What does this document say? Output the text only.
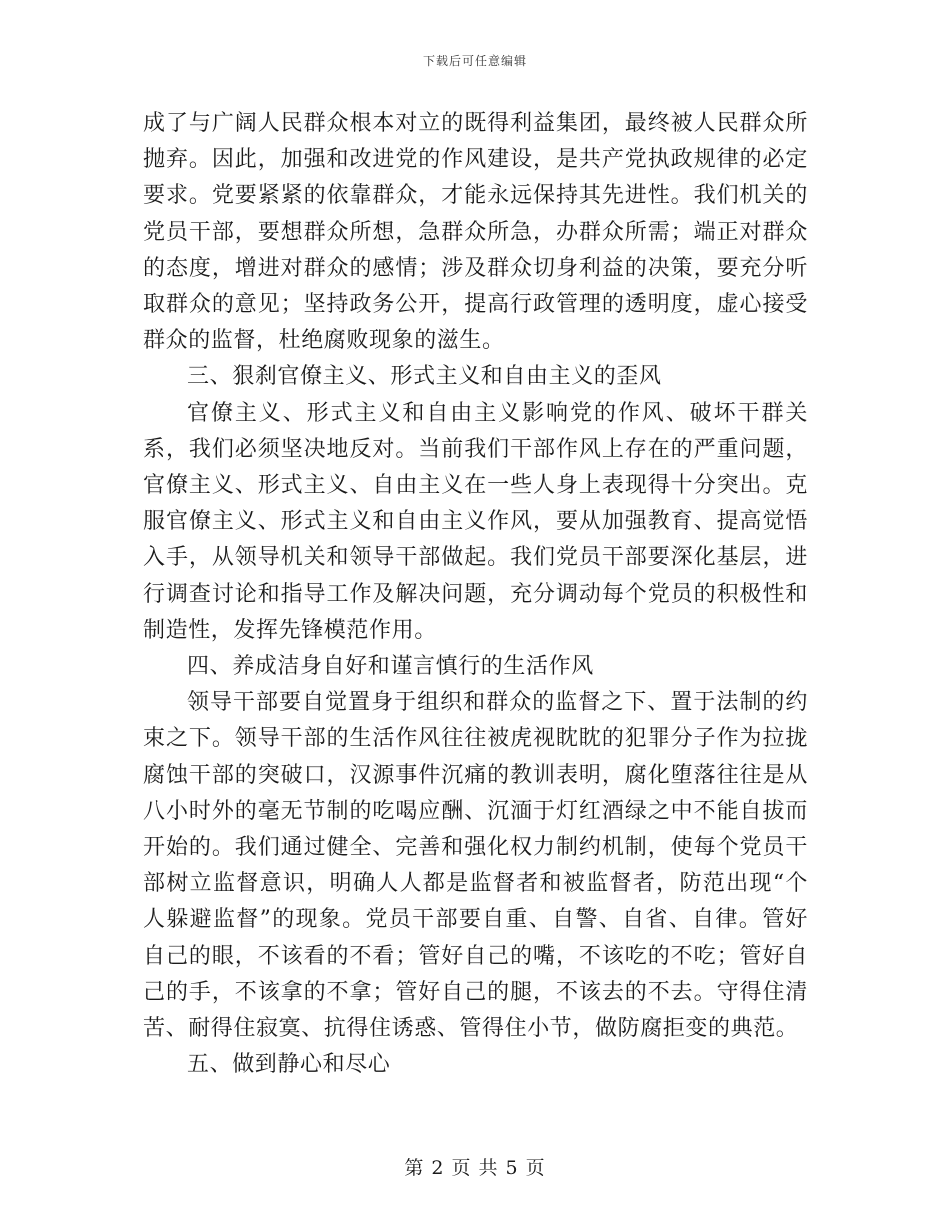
下载后可任意编辑

成了与广阔人民群众根本对立的既得利益集团，最终被人民群众所抛弃。因此，加强和改进党的作风建设，是共产党执政规律的必定要求。党要紧紧的依靠群众，才能永远保持其先进性。我们机关的党员干部，要想群众所想，急群众所急，办群众所需；端正对群众的态度，增进对群众的感情；涉及群众切身利益的决策，要充分听取群众的意见；坚持政务公开，提高行政管理的透明度，虚心接受群众的监督，杜绝腐败现象的滋生。

三、狠刹官僚主义、形式主义和自由主义的歪风

官僚主义、形式主义和自由主义影响党的作风、破坏干群关系，我们必须坚决地反对。当前我们干部作风上存在的严重问题，官僚主义、形式主义、自由主义在一些人身上表现得十分突出。克服官僚主义、形式主义和自由主义作风，要从加强教育、提高觉悟入手，从领导机关和领导干部做起。我们党员干部要深化基层，进行调查讨论和指导工作及解决问题，充分调动每个党员的积极性和制造性，发挥先锋模范作用。

四、养成洁身自好和谨言慎行的生活作风

领导干部要自觉置身于组织和群众的监督之下、置于法制的约束之下。领导干部的生活作风往往被虎视眈眈的犯罪分子作为拉拢腐蚀干部的突破口，汉源事件沉痛的教训表明，腐化堕落往往是从八小时外的毫无节制的吃喝应酬、沉湎于灯红酒绿之中不能自拔而开始的。我们通过健全、完善和强化权力制约机制，使每个党员干部树立监督意识，明确人人都是监督者和被监督者，防范出现“个人躲避监督”的现象。党员干部要自重、自警、自省、自律。管好自己的眼，不该看的不看；管好自己的嘴，不该吃的不吃；管好自己的手，不该拿的不拿；管好自己的腿，不该去的不去。守得住清苦、耐得住寂寞、抗得住诱惑、管得住小节，做防腐拒变的典范。

五、做到静心和尽心

第 2 页 共 5 页
